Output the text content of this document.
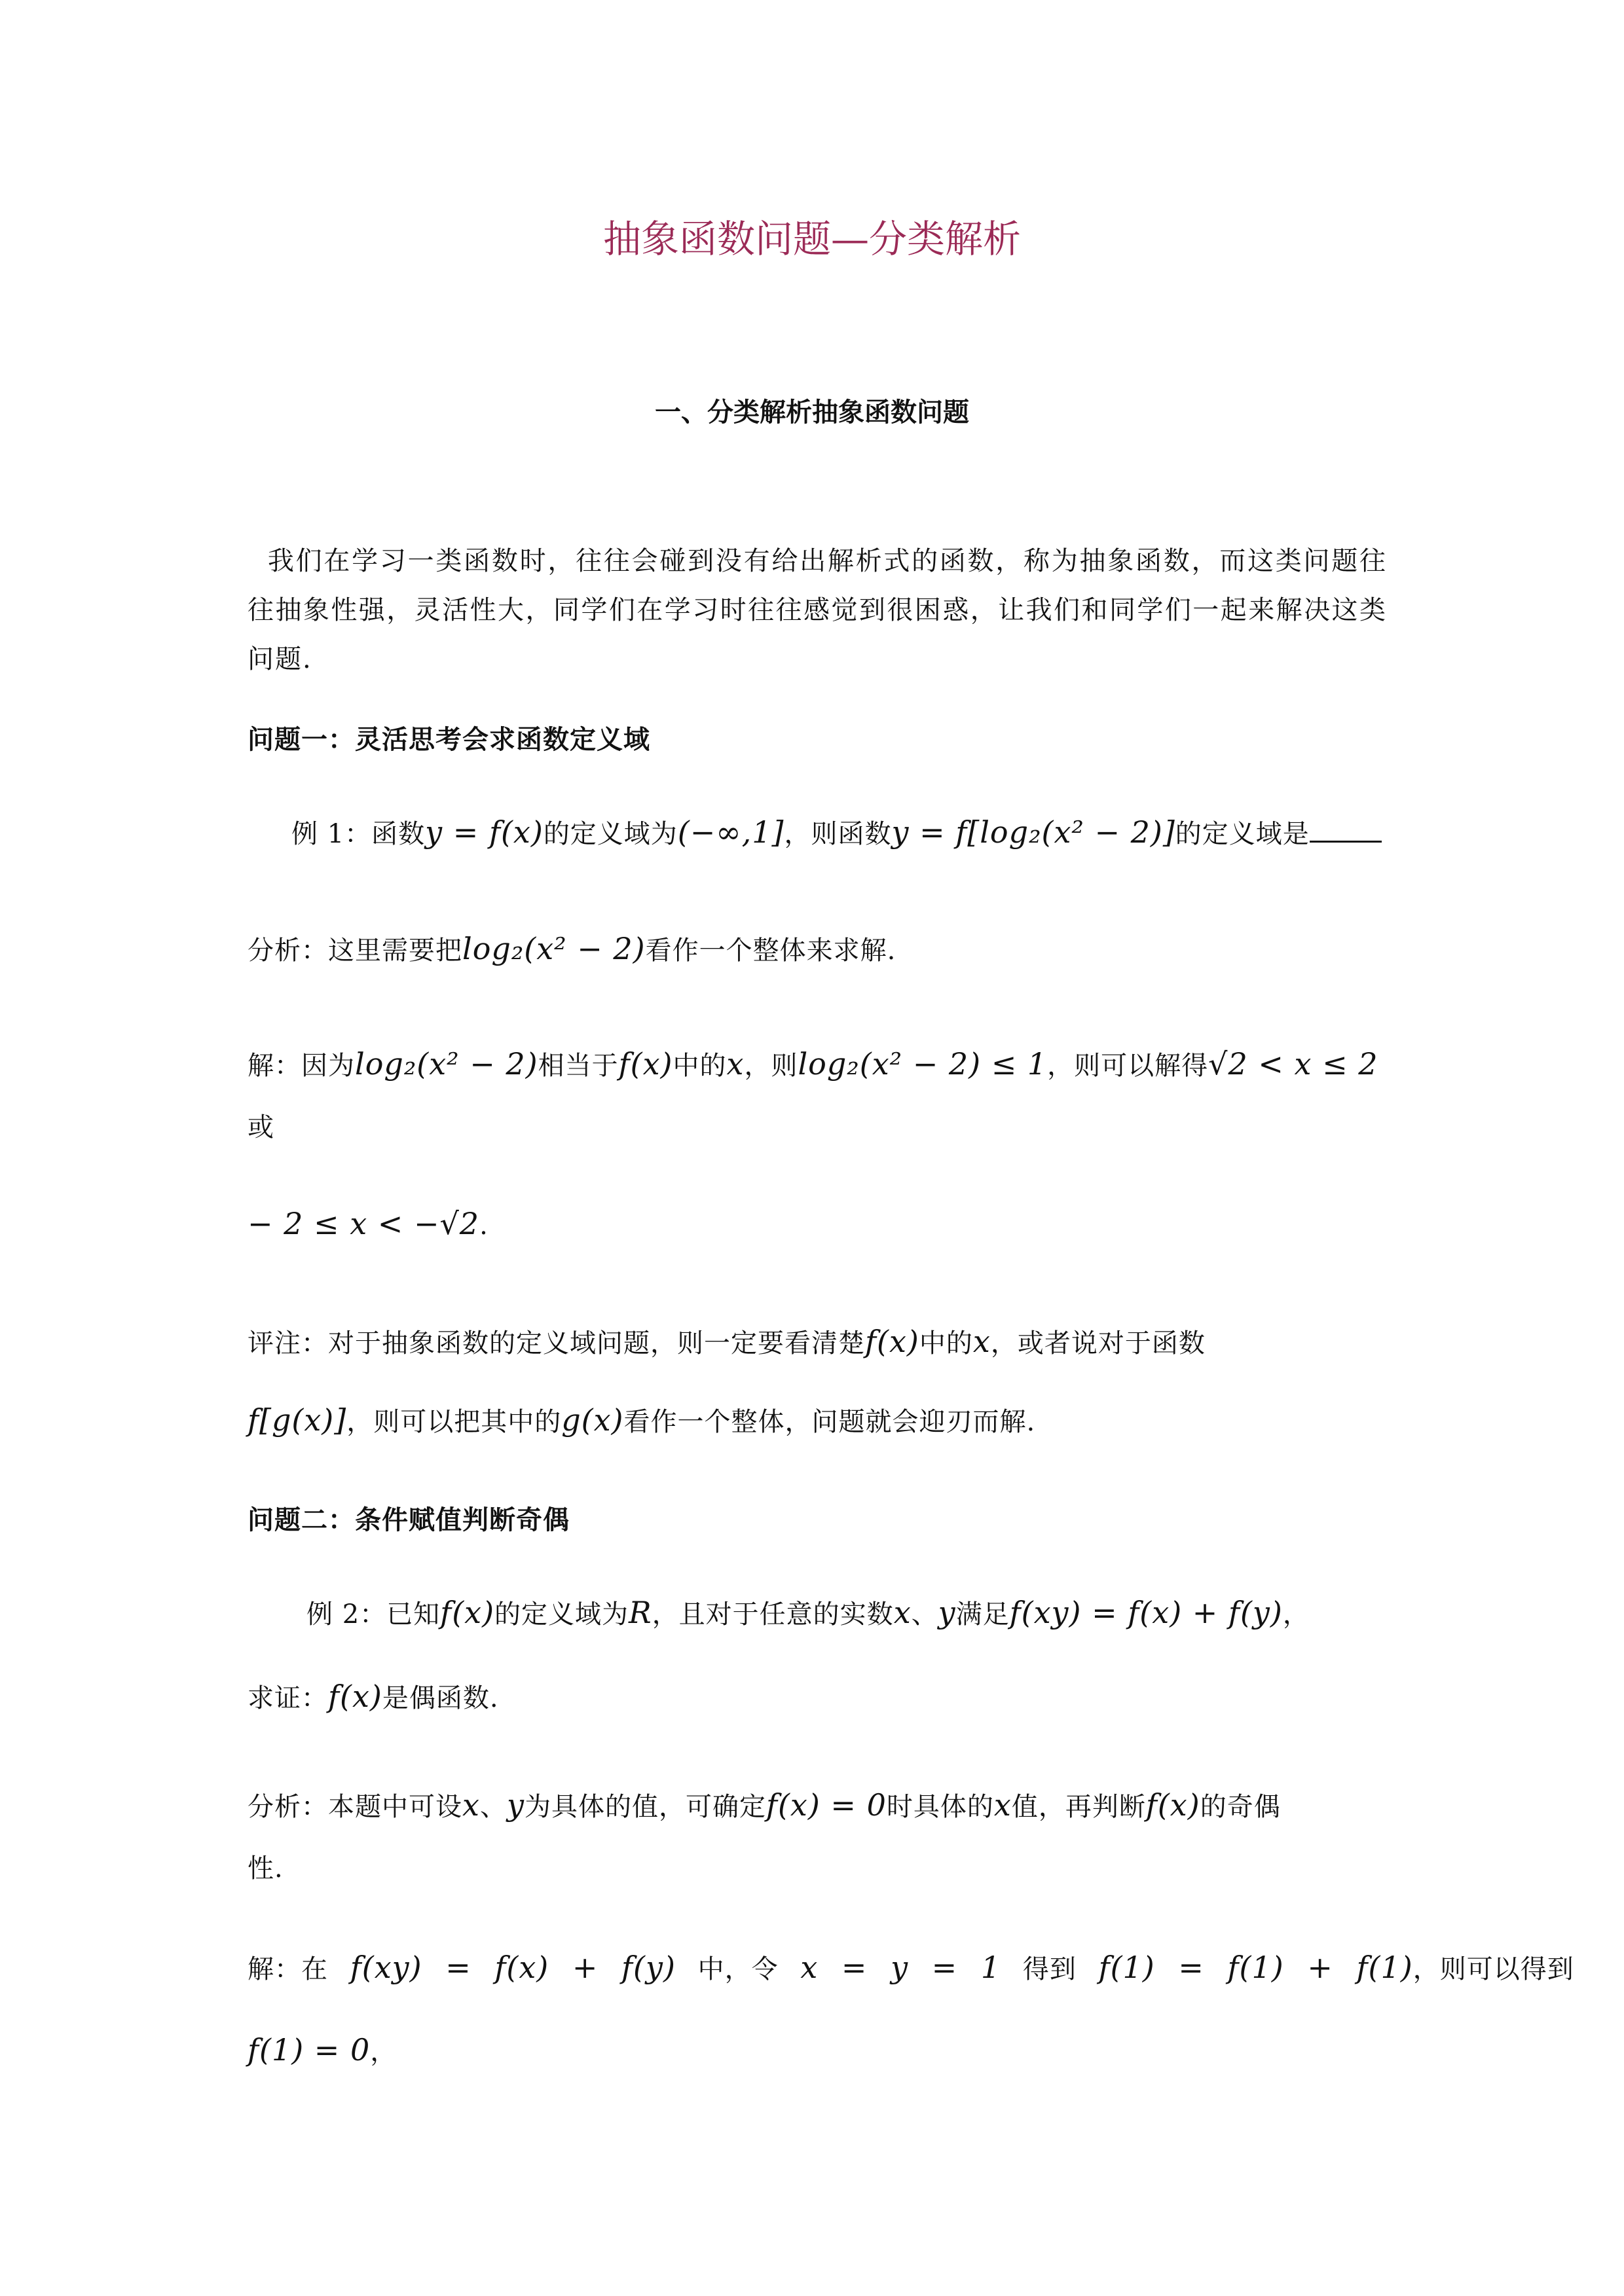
抽象函数问题—分类解析
一、分类解析抽象函数问题
我们在学习一类函数时，往往会碰到没有给出解析式的函数，称为抽象函数，而这类问题往往抽象性强，灵活性大，同学们在学习时往往感觉到很困惑，让我们和同学们一起来解决这类问题.
问题一：灵活思考会求函数定义域
例 1：函数y = f(x)的定义域为(−∞,1]，则函数y = f[log₂(x² − 2)]的定义域是
分析：这里需要把log₂(x² − 2)看作一个整体来求解.
解：因为log₂(x² − 2)相当于f(x)中的x，则log₂(x² − 2) ≤ 1，则可以解得√2 < x ≤ 2
或
− 2 ≤ x < −√2.
评注：对于抽象函数的定义域问题，则一定要看清楚f(x)中的x，或者说对于函数
f[g(x)]，则可以把其中的g(x)看作一个整体，问题就会迎刃而解.
问题二：条件赋值判断奇偶
例 2：已知f(x)的定义域为R，且对于任意的实数x、y满足f(xy) = f(x) + f(y)，
求证：f(x)是偶函数.
分析：本题中可设x、y为具体的值，可确定f(x) = 0时具体的x值，再判断f(x)的奇偶
性.
解：在 f(xy) = f(x) + f(y) 中，令 x = y = 1 得到 f(1) = f(1) + f(1)，则可以得到
f(1) = 0，
